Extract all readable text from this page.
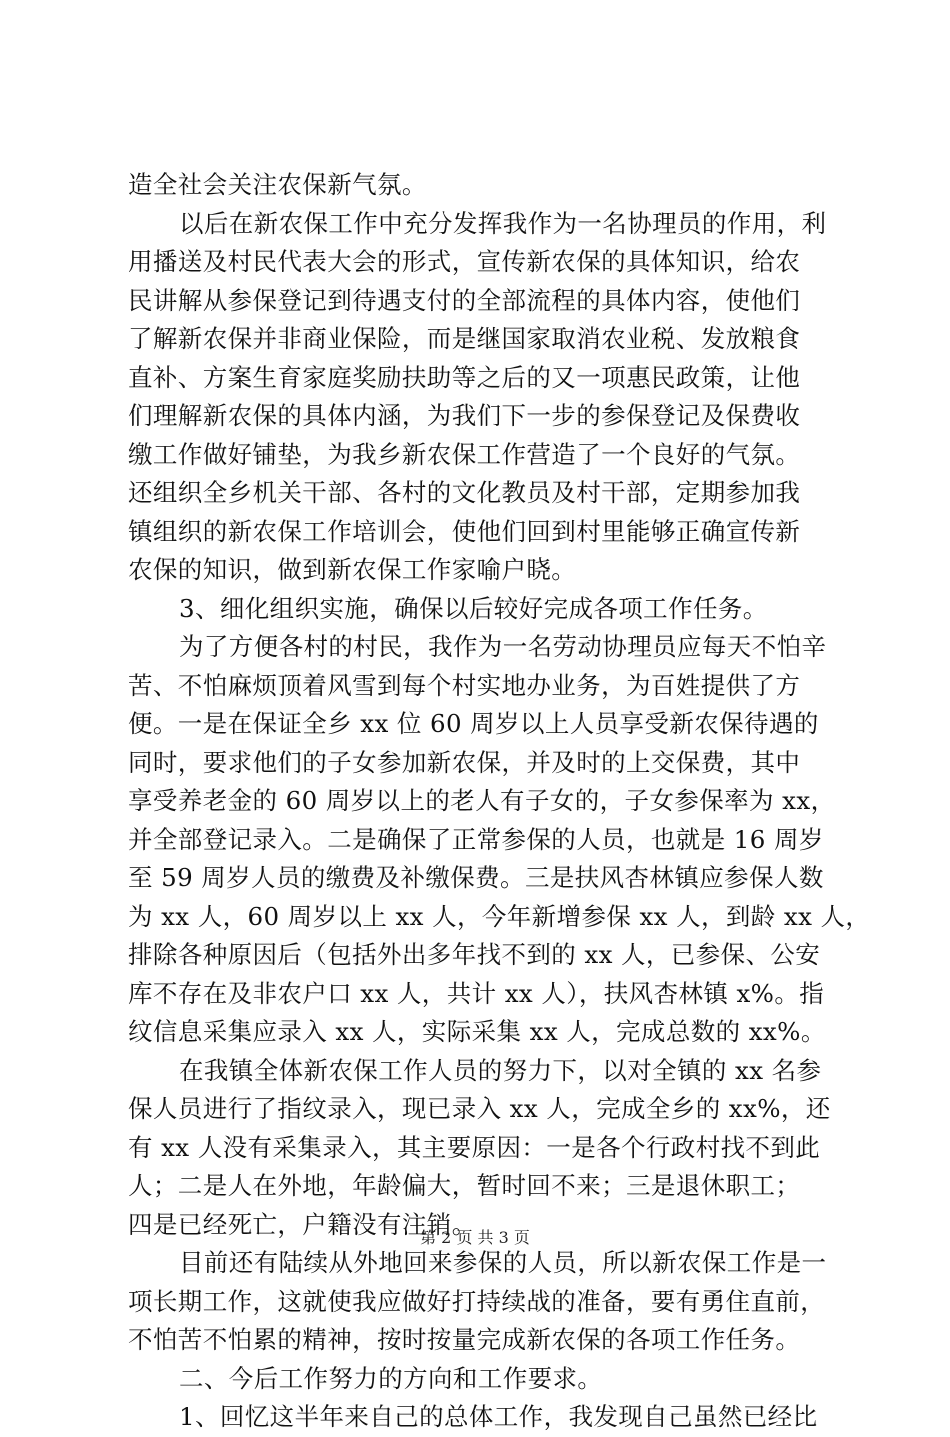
造全社会关注农保新气氛。
以后在新农保工作中充分发挥我作为一名协理员的作用，利
用播送及村民代表大会的形式，宣传新农保的具体知识，给农
民讲解从参保登记到待遇支付的全部流程的具体内容，使他们
了解新农保并非商业保险，而是继国家取消农业税、发放粮食
直补、方案生育家庭奖励扶助等之后的又一项惠民政策，让他
们理解新农保的具体内涵，为我们下一步的参保登记及保费收
缴工作做好铺垫，为我乡新农保工作营造了一个良好的气氛。
还组织全乡机关干部、各村的文化教员及村干部，定期参加我
镇组织的新农保工作培训会，使他们回到村里能够正确宣传新
农保的知识，做到新农保工作家喻户晓。
3、细化组织实施，确保以后较好完成各项工作任务。
为了方便各村的村民，我作为一名劳动协理员应每天不怕辛
苦、不怕麻烦顶着风雪到每个村实地办业务，为百姓提供了方
便。一是在保证全乡 xx 位 60 周岁以上人员享受新农保待遇的
同时，要求他们的子女参加新农保，并及时的上交保费，其中
享受养老金的 60 周岁以上的老人有子女的，子女参保率为 xx，
并全部登记录入。二是确保了正常参保的人员，也就是 16 周岁
至 59 周岁人员的缴费及补缴保费。三是扶风杏林镇应参保人数
为 xx 人，60 周岁以上 xx 人，今年新增参保 xx 人，到龄 xx 人，
排除各种原因后（包括外出多年找不到的 xx 人，已参保、公安
库不存在及非农户口 xx 人，共计 xx 人），扶风杏林镇 x%。指
纹信息采集应录入 xx 人，实际采集 xx 人，完成总数的 xx%。
在我镇全体新农保工作人员的努力下，以对全镇的 xx 名参
保人员进行了指纹录入，现已录入 xx 人，完成全乡的 xx%，还
有 xx 人没有采集录入，其主要原因：一是各个行政村找不到此
人；二是人在外地，年龄偏大，暂时回不来；三是退休职工；
四是已经死亡，户籍没有注销。
目前还有陆续从外地回来参保的人员，所以新农保工作是一
项长期工作，这就使我应做好打持续战的准备，要有勇住直前，
不怕苦不怕累的精神，按时按量完成新农保的各项工作任务。
二、今后工作努力的方向和工作要求。
1、回忆这半年来自己的总体工作，我发现自己虽然已经比
第 2 页 共 3 页
